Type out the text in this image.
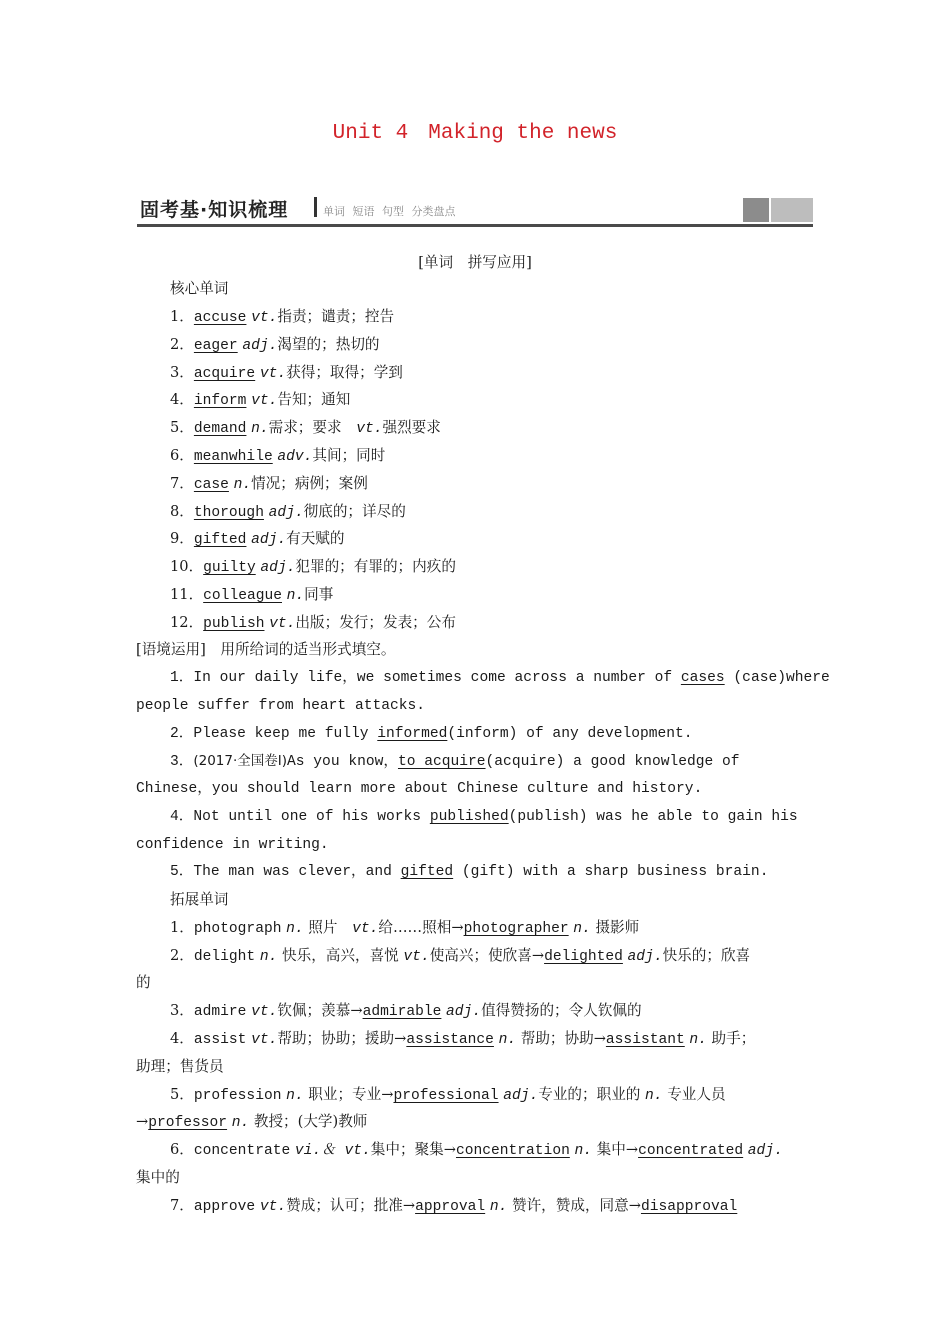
Unit 4 Making the news
固考基·知识梳理	单词 短语 句型 分类盘点
[单词　拼写应用]
核心单词
1．accuse vt.指责；谴责；控告
2．eager adj.渴望的；热切的
3．acquire vt.获得；取得；学到
4．inform vt.告知；通知
5．demand n.需求；要求　 vt.强烈要求
6．meanwhile adv.其间；同时
7．case n.情况；病例；案例
8．thorough adj.彻底的；详尽的
9．gifted adj.有天赋的
10．guilty adj.犯罪的；有罪的；内疚的
11．colleague n.同事
12．publish vt.出版；发行；发表；公布
[语境运用]　用所给词的适当形式填空。
1．In our daily life，we sometimes come across a number of cases (case)where
people suffer from heart attacks.
2．Please keep me fully informed(inform) of any development.
3．(2017·全国卷Ⅰ)As you know，to acquire(acquire) a good knowledge of
Chinese，you should learn more about Chinese culture and history.
4．Not until one of his works published(publish) was he able to gain his
confidence in writing.
5．The man was clever，and gifted (gift) with a sharp business brain.
拓展单词
1．photograph n. 照片　 vt.给……照相→photographer n. 摄影师
2．delight n. 快乐，高兴，喜悦 vt.使高兴；使欣喜→delighted adj.快乐的；欣喜
的
3．admire vt.钦佩；羡慕→admirable adj.值得赞扬的；令人钦佩的
4．assist vt.帮助；协助；援助→assistance n. 帮助；协助→assistant n. 助手；
助理；售货员
5．profession n. 职业；专业→professional adj.专业的；职业的 n. 专业人员
→professor n. 教授；(大学)教师
6．concentrate vi.＆ vt.集中；聚集→concentration n. 集中→concentrated adj.
集中的
7．approve vt.赞成；认可；批准→approval n. 赞许，赞成，同意→disapproval
